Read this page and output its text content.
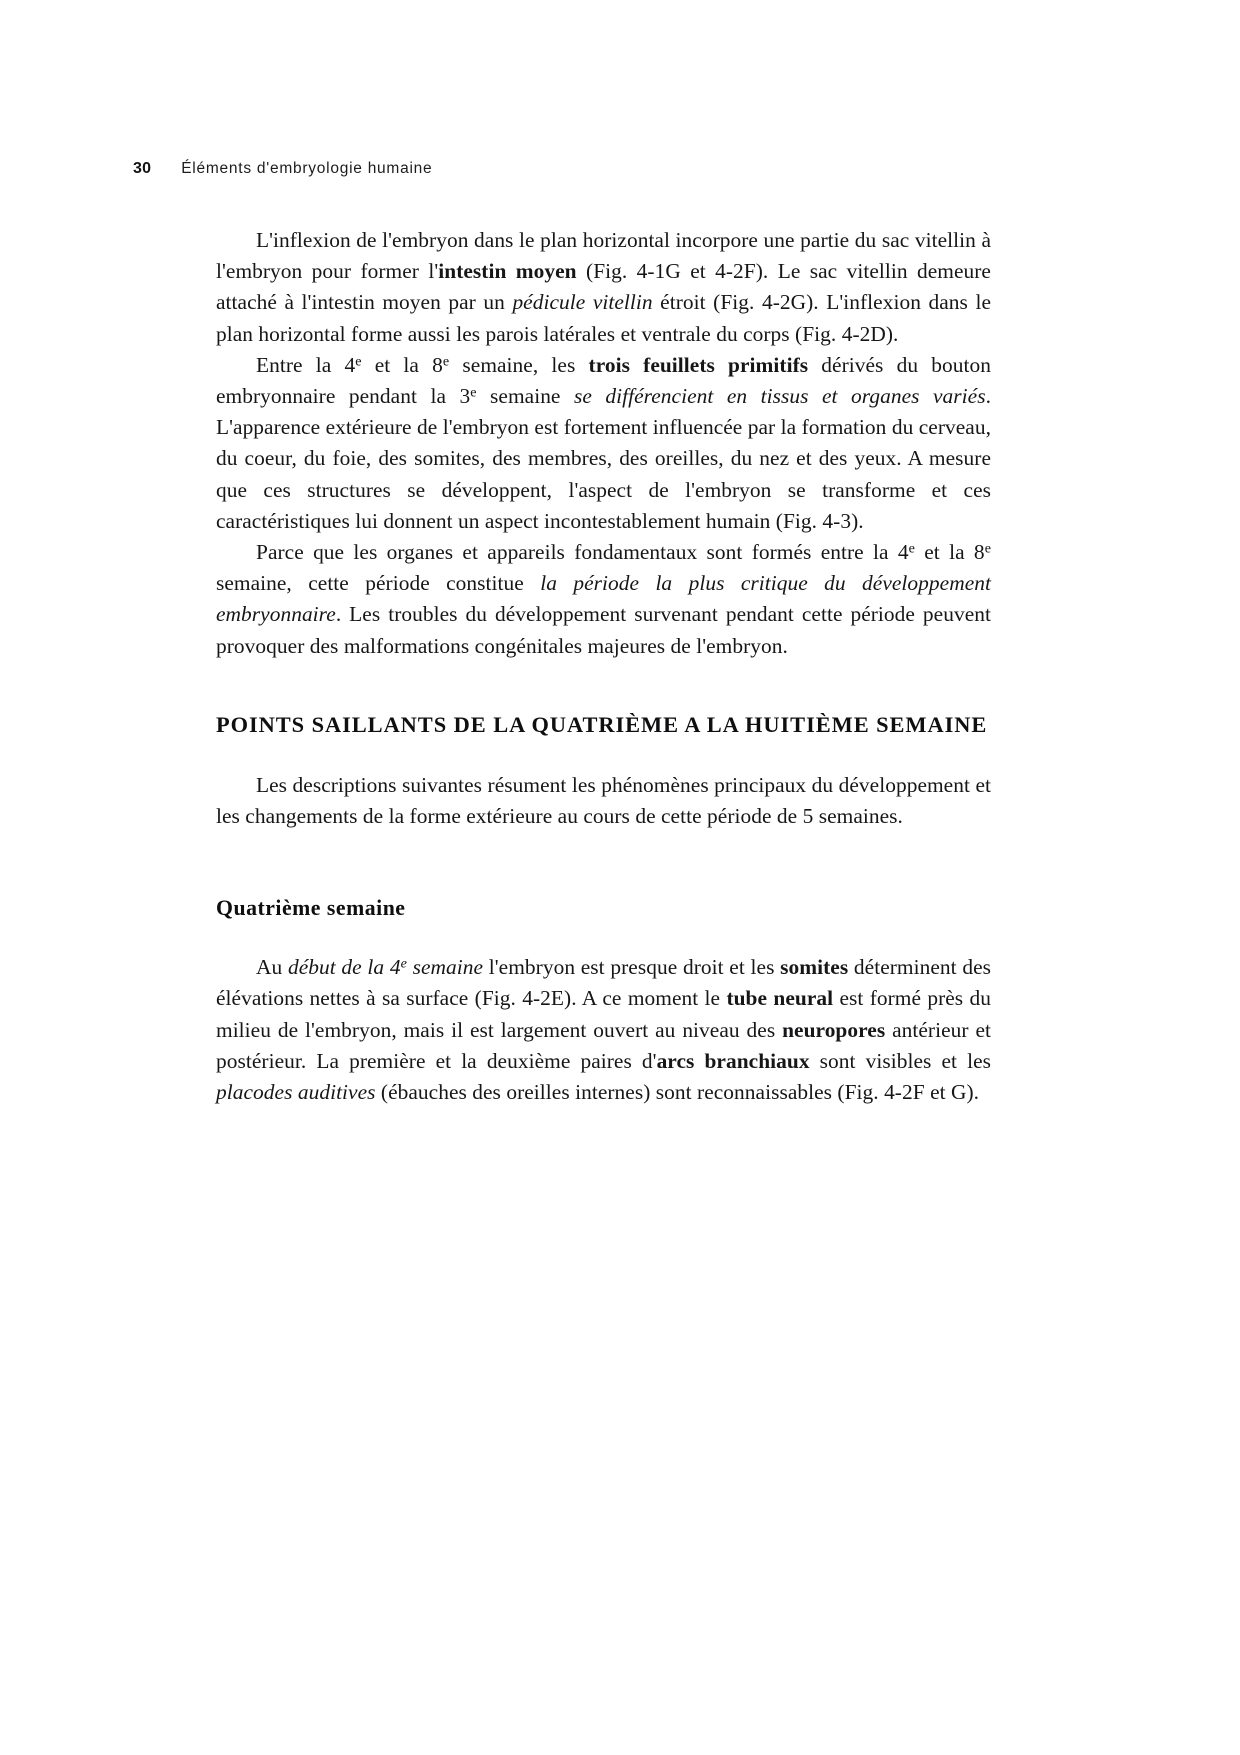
30 Éléments d'embryologie humaine

L'inflexion de l'embryon dans le plan horizontal incorpore une partie du sac vitellin à l'embryon pour former l'intestin moyen (Fig. 4-1G et 4-2F). Le sac vitellin demeure attaché à l'intestin moyen par un pédicule vitellin étroit (Fig. 4-2G). L'inflexion dans le plan horizontal forme aussi les parois latérales et ventrale du corps (Fig. 4-2D).

Entre la 4e et la 8e semaine, les trois feuillets primitifs dérivés du bouton embryonnaire pendant la 3e semaine se différencient en tissus et organes variés. L'apparence extérieure de l'embryon est fortement influencée par la formation du cerveau, du coeur, du foie, des somites, des membres, des oreilles, du nez et des yeux. A mesure que ces structures se développent, l'aspect de l'embryon se transforme et ces caractéristiques lui donnent un aspect incontestablement humain (Fig. 4-3).

Parce que les organes et appareils fondamentaux sont formés entre la 4e et la 8e semaine, cette période constitue la période la plus critique du développement embryonnaire. Les troubles du développement survenant pendant cette période peuvent provoquer des malformations congénitales majeures de l'embryon.

POINTS SAILLANTS DE LA QUATRIÈME A LA HUITIÈME SEMAINE

Les descriptions suivantes résument les phénomènes principaux du développement et les changements de la forme extérieure au cours de cette période de 5 semaines.

Quatrième semaine

Au début de la 4e semaine l'embryon est presque droit et les somites déterminent des élévations nettes à sa surface (Fig. 4-2E). A ce moment le tube neural est formé près du milieu de l'embryon, mais il est largement ouvert au niveau des neuropores antérieur et postérieur. La première et la deuxième paires d'arcs branchiaux sont visibles et les placodes auditives (ébauches des oreilles internes) sont reconnaissables (Fig. 4-2F et G).
